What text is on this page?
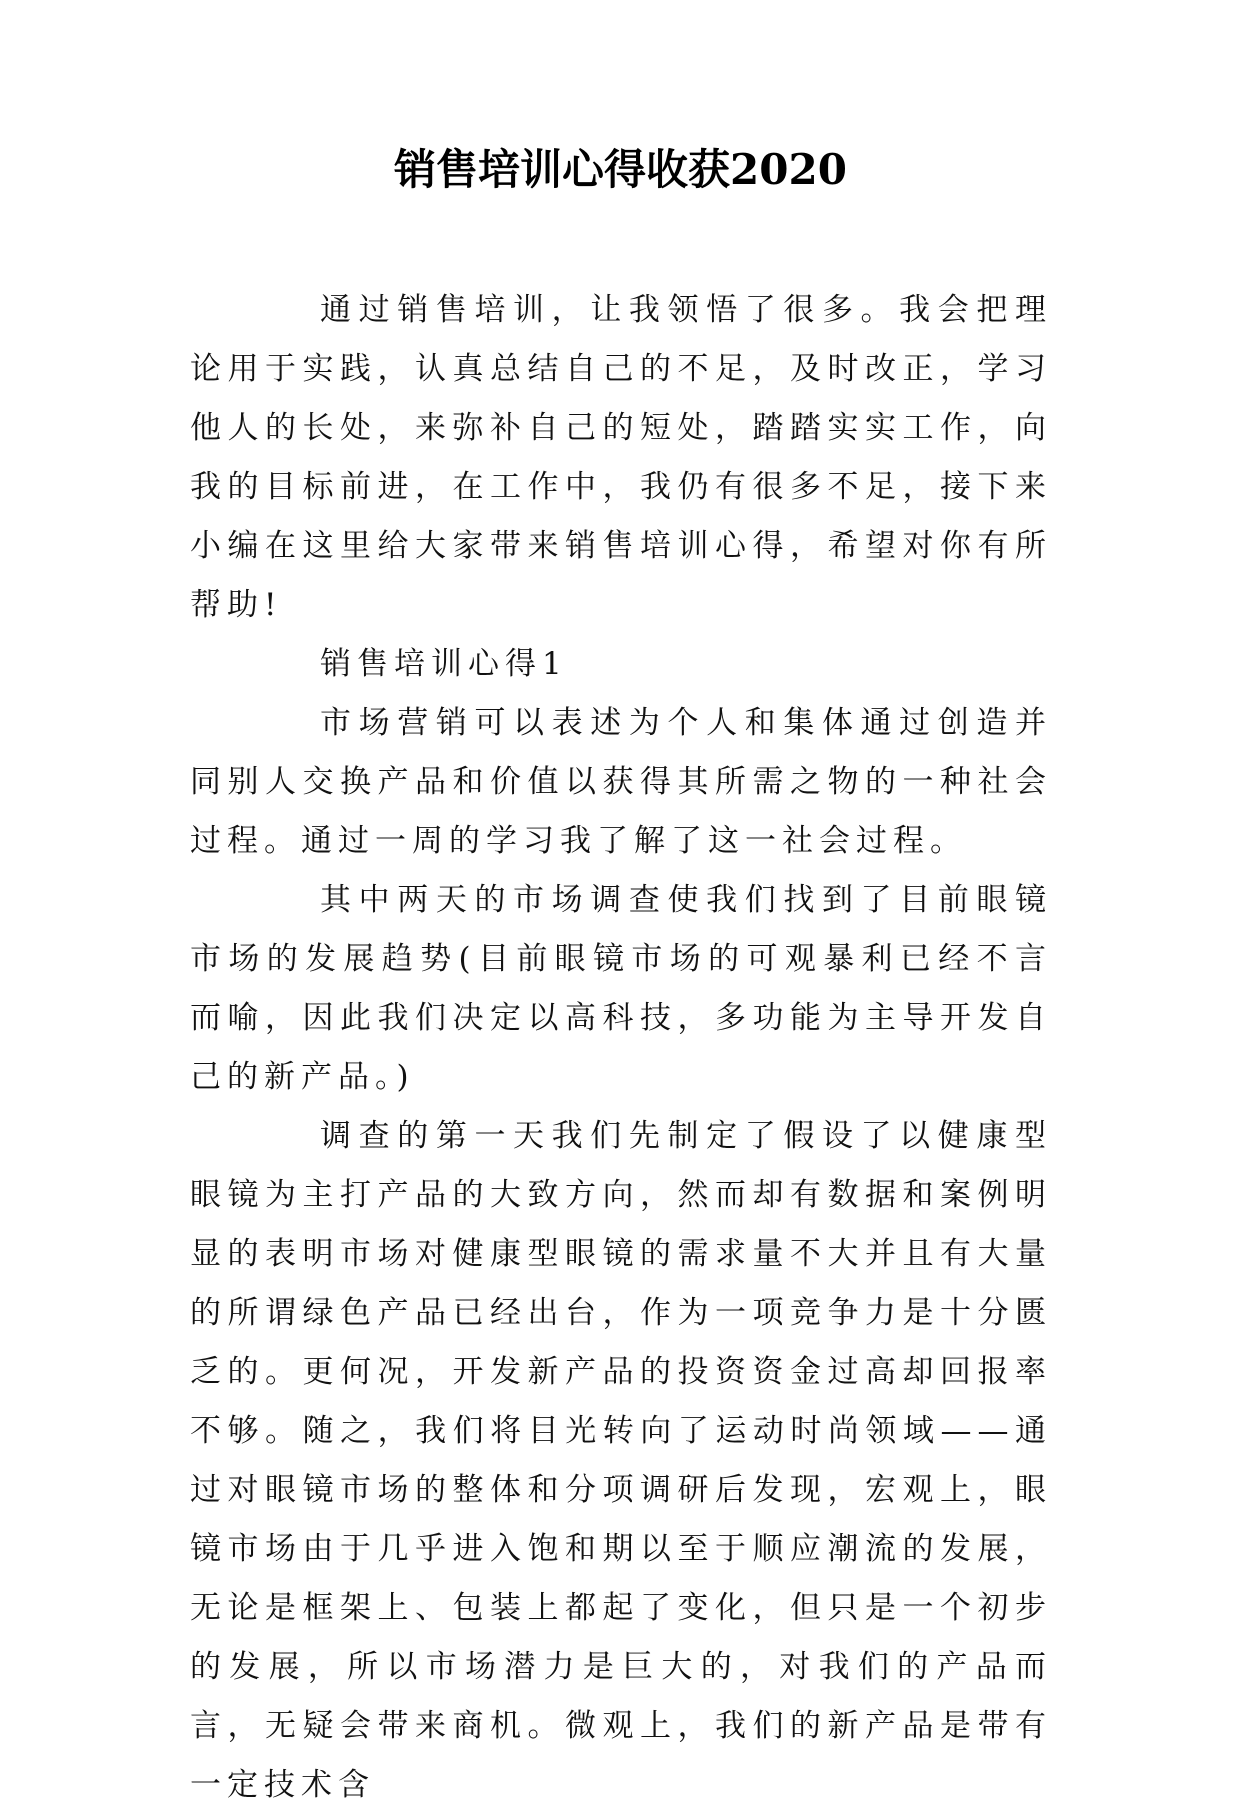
销售培训心得收获2020

通过销售培训，让我领悟了很多。我会把理论用于实践，认真总结自己的不足，及时改正，学习他人的长处，来弥补自己的短处，踏踏实实工作，向我的目标前进，在工作中，我仍有很多不足，接下来小编在这里给大家带来销售培训心得，希望对你有所帮助!

销售培训心得1

市场营销可以表述为个人和集体通过创造并同别人交换产品和价值以获得其所需之物的一种社会过程。通过一周的学习我了解了这一社会过程。

其中两天的市场调查使我们找到了目前眼镜市场的发展趋势(目前眼镜市场的可观暴利已经不言而喻，因此我们决定以高科技，多功能为主导开发自己的新产品。)

调查的第一天我们先制定了假设了以健康型眼镜为主打产品的大致方向，然而却有数据和案例明显的表明市场对健康型眼镜的需求量不大并且有大量的所谓绿色产品已经出台，作为一项竞争力是十分匮乏的。更何况，开发新产品的投资资金过高却回报率不够。随之，我们将目光转向了运动时尚领域——通过对眼镜市场的整体和分项调研后发现，宏观上，眼镜市场由于几乎进入饱和期以至于顺应潮流的发展，无论是框架上、包装上都起了变化，但只是一个初步的发展，所以市场潜力是巨大的，对我们的产品而言，无疑会带来商机。微观上，我们的新产品是带有一定技术含
